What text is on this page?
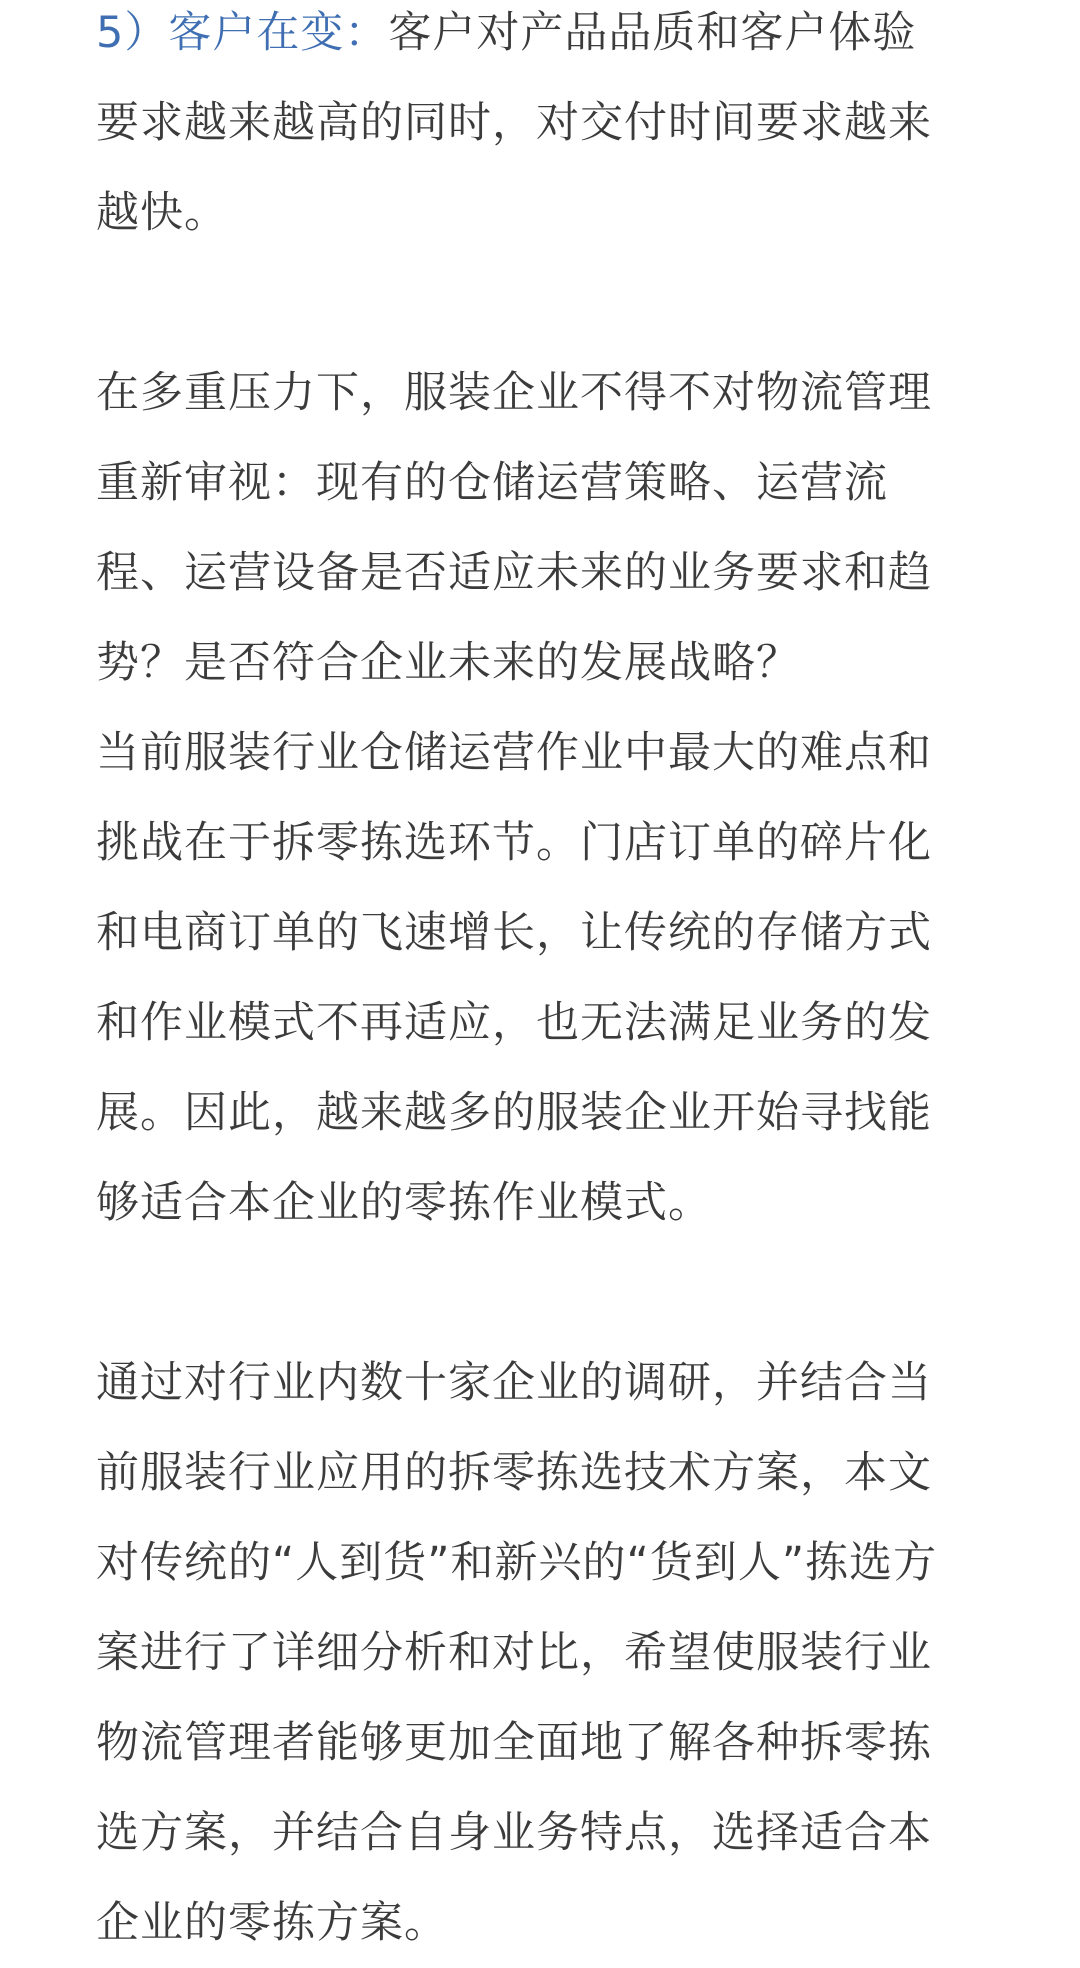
5）客户在变：客户对产品品质和客户体验
要求越来越高的同时，对交付时间要求越来
越快。

在多重压力下，服装企业不得不对物流管理
重新审视：现有的仓储运营策略、运营流
程、运营设备是否适应未来的业务要求和趋
势？是否符合企业未来的发展战略？

当前服装行业仓储运营作业中最大的难点和
挑战在于拆零拣选环节。门店订单的碎片化
和电商订单的飞速增长，让传统的存储方式
和作业模式不再适应，也无法满足业务的发
展。因此，越来越多的服装企业开始寻找能
够适合本企业的零拣作业模式。

通过对行业内数十家企业的调研，并结合当
前服装行业应用的拆零拣选技术方案，本文
对传统的“人到货”和新兴的“货到人”拣选方
案进行了详细分析和对比，希望使服装行业
物流管理者能够更加全面地了解各种拆零拣
选方案，并结合自身业务特点，选择适合本
企业的零拣方案。
